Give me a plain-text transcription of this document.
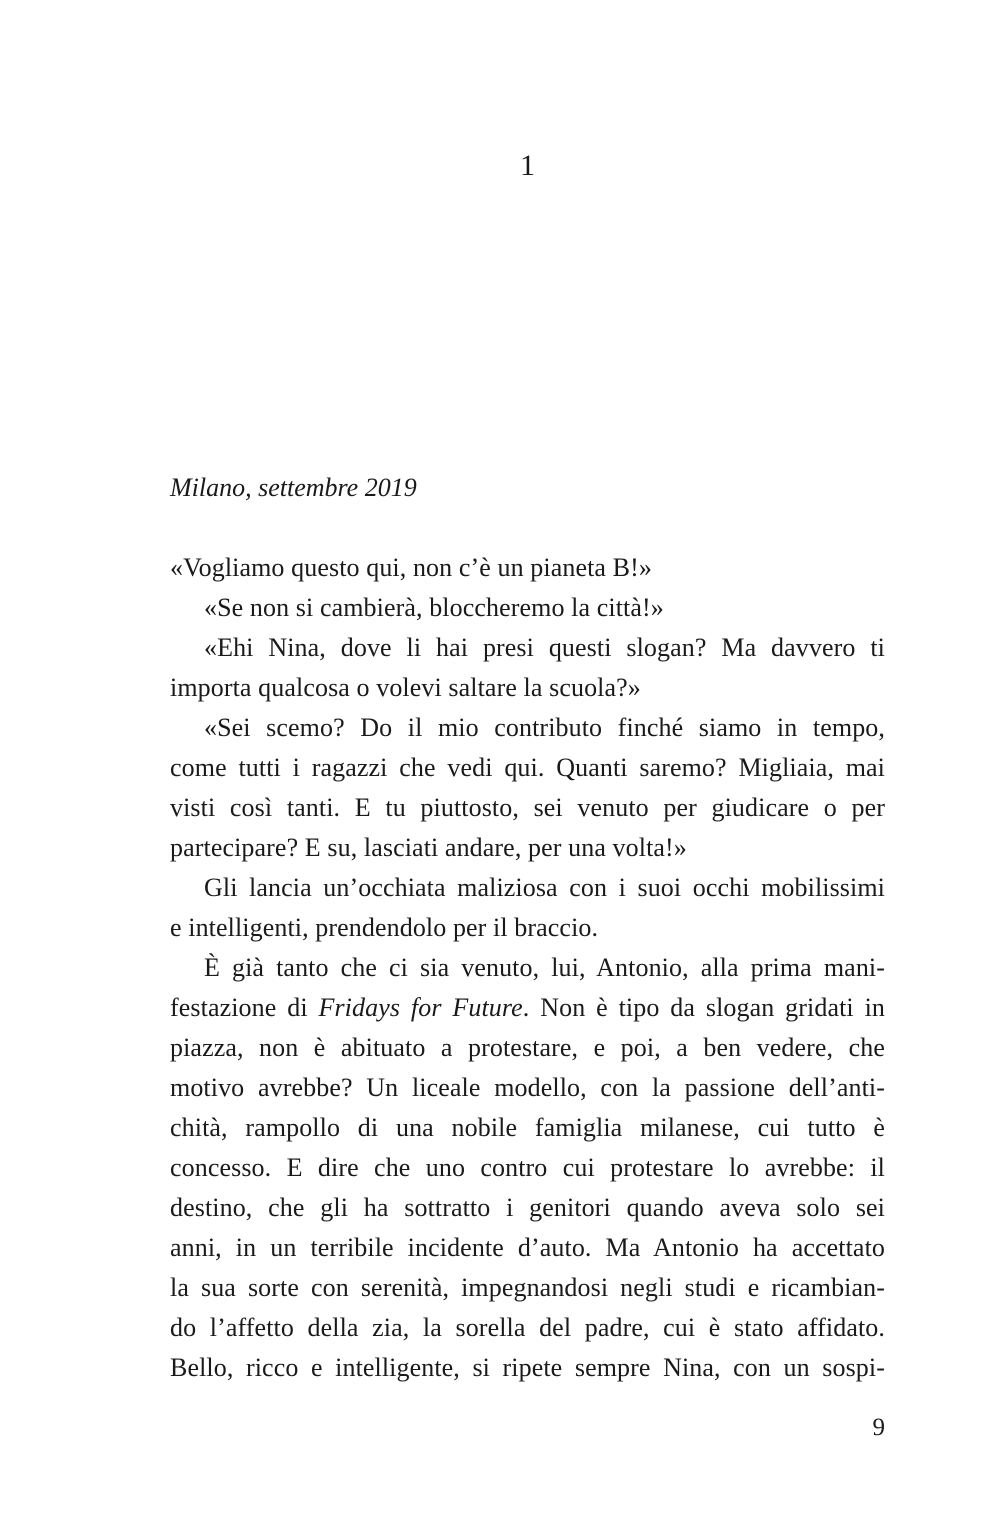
1
Milano, settembre 2019
«Vogliamo questo qui, non c’è un pianeta B!»
«Se non si cambierà, bloccheremo la città!»
«Ehi Nina, dove li hai presi questi slogan? Ma davvero ti
importa qualcosa o volevi saltare la scuola?»
«Sei scemo? Do il mio contributo finché siamo in tempo,
come tutti i ragazzi che vedi qui. Quanti saremo? Migliaia, mai
visti così tanti. E tu piuttosto, sei venuto per giudicare o per
partecipare? E su, lasciati andare, per una volta!»
Gli lancia un’occhiata maliziosa con i suoi occhi mobilissimi
e intelligenti, prendendolo per il braccio.
È già tanto che ci sia venuto, lui, Antonio, alla prima mani-
festazione di Fridays for Future. Non è tipo da slogan gridati in
piazza, non è abituato a protestare, e poi, a ben vedere, che
motivo avrebbe? Un liceale modello, con la passione dell’anti-
chità, rampollo di una nobile famiglia milanese, cui tutto è
concesso. E dire che uno contro cui protestare lo avrebbe: il
destino, che gli ha sottratto i genitori quando aveva solo sei
anni, in un terribile incidente d’auto. Ma Antonio ha accettato
la sua sorte con serenità, impegnandosi negli studi e ricambian-
do l’affetto della zia, la sorella del padre, cui è stato affidato.
Bello, ricco e intelligente, si ripete sempre Nina, con un sospi-
9
